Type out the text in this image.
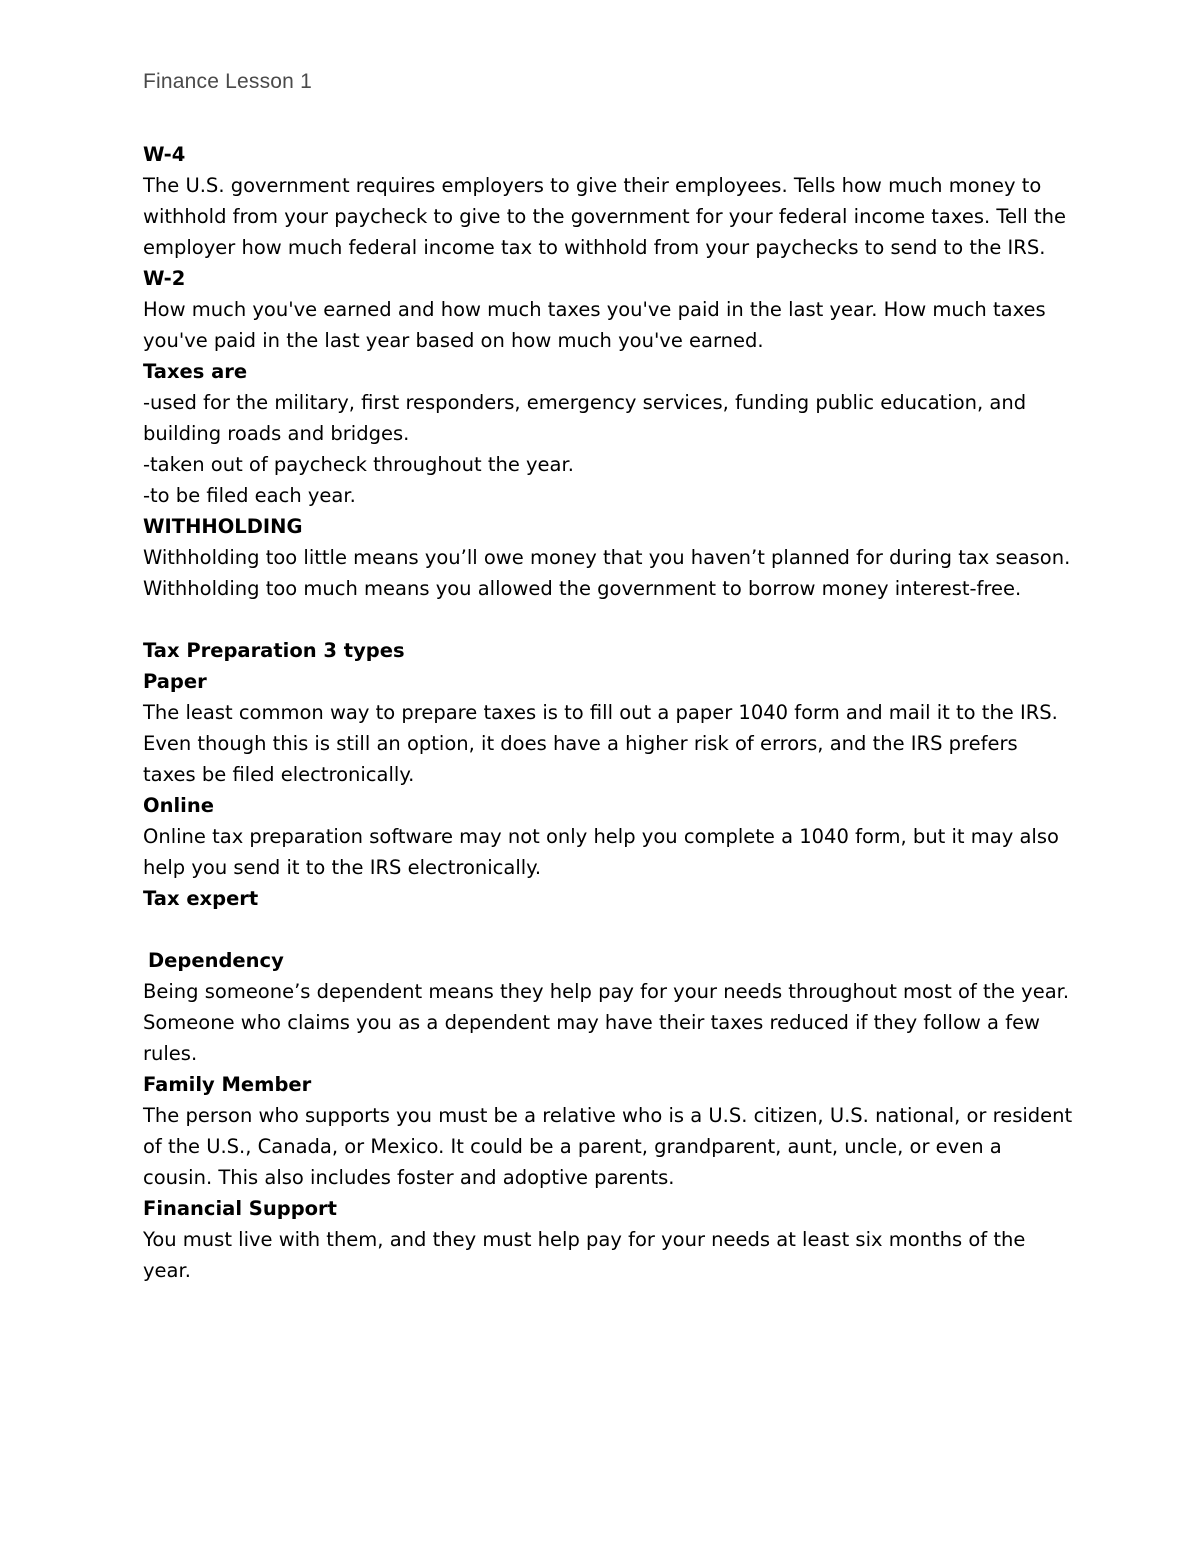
Finance Lesson 1

W-4

The U.S. government requires employers to give their employees. Tells how much money to withhold from your paycheck to give to the government for your federal income taxes. Tell the employer how much federal income tax to withhold from your paychecks to send to the IRS.

W-2

How much you've earned and how much taxes you've paid in the last year. How much taxes you've paid in the last year based on how much you've earned.

Taxes are

-used for the military, first responders, emergency services, funding public education, and building roads and bridges.

-taken out of paycheck throughout the year.

-to be filed each year.

WITHHOLDING

Withholding too little means you’ll owe money that you haven’t planned for during tax season. Withholding too much means you allowed the government to borrow money interest-free.

Tax Preparation 3 types

Paper

The least common way to prepare taxes is to fill out a paper 1040 form and mail it to the IRS. Even though this is still an option, it does have a higher risk of errors, and the IRS prefers taxes be filed electronically.

Online

Online tax preparation software may not only help you complete a 1040 form, but it may also help you send it to the IRS electronically.

Tax expert

Dependency

Being someone’s dependent means they help pay for your needs throughout most of the year. Someone who claims you as a dependent may have their taxes reduced if they follow a few rules.

Family Member

The person who supports you must be a relative who is a U.S. citizen, U.S. national, or resident of the U.S., Canada, or Mexico. It could be a parent, grandparent, aunt, uncle, or even a cousin. This also includes foster and adoptive parents.

Financial Support

You must live with them, and they must help pay for your needs at least six months of the year.
